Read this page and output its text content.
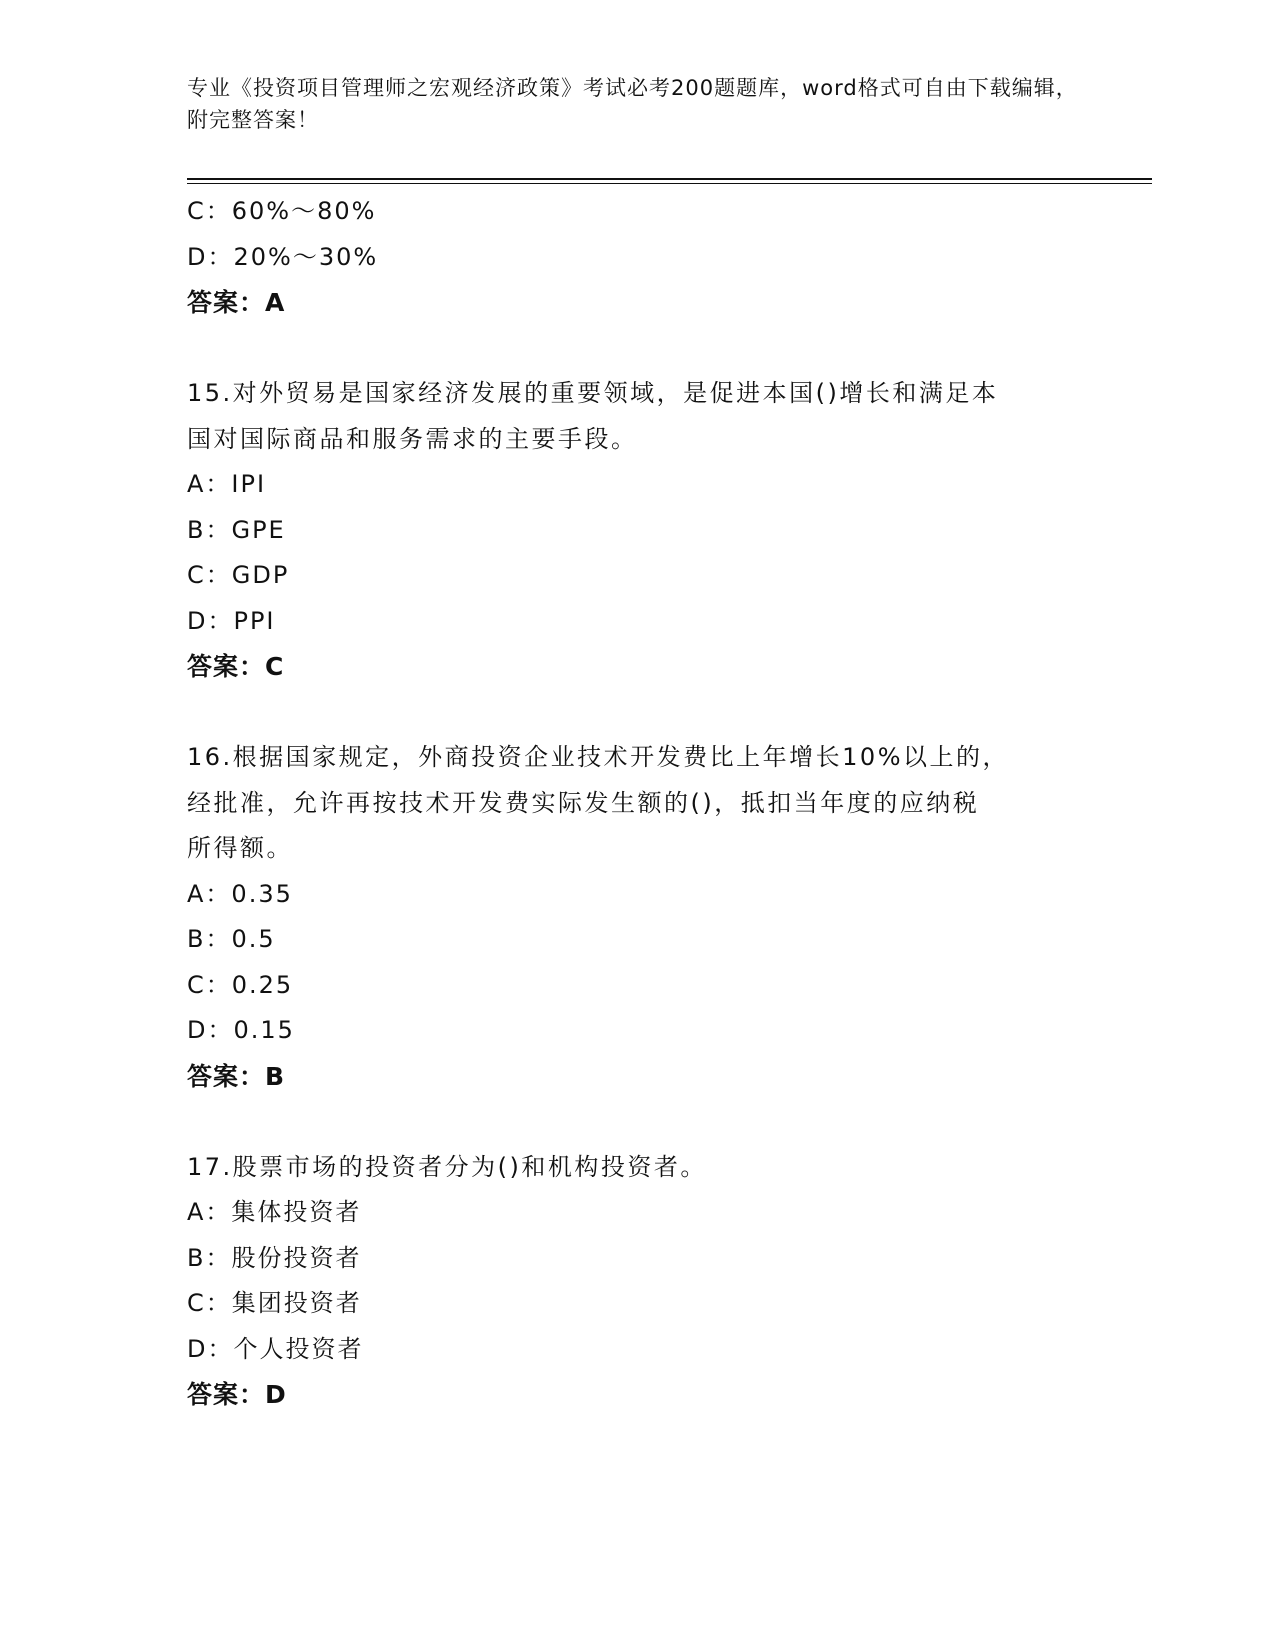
专业《投资项目管理师之宏观经济政策》考试必考200题题库，word格式可自由下载编辑，附完整答案！
C：60%～80%
D：20%～30%
答案：A
15.对外贸易是国家经济发展的重要领域，是促进本国()增长和满足本
国对国际商品和服务需求的主要手段。
A：IPI
B：GPE
C：GDP
D：PPI
答案：C
16.根据国家规定，外商投资企业技术开发费比上年增长10%以上的，
经批准，允许再按技术开发费实际发生额的()，抵扣当年度的应纳税
所得额。
A：0.35
B：0.5
C：0.25
D：0.15
答案：B
17.股票市场的投资者分为()和机构投资者。
A：集体投资者
B：股份投资者
C：集团投资者
D：个人投资者
答案：D
